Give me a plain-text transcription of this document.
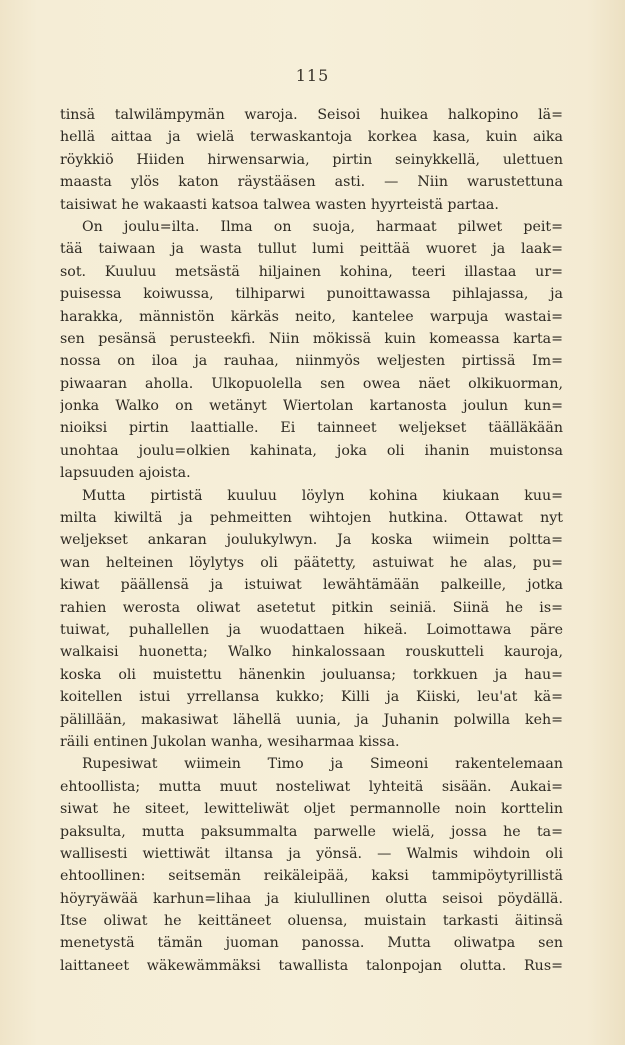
115
tinsä talwilämpymän waroja. Seisoi huikea halkopino lä=
hellä aittaa ja wielä terwaskantoja korkea kasa, kuin aika
röykkiö Hiiden hirwensarwia, pirtin seinykkellä, ulettuen
maasta ylös katon räystääsen asti. — Niin warustettuna
taisiwat he wakaasti katsoa talwea wasten hyyrteistä partaa.
On joulu=ilta. Ilma on suoja, harmaat pilwet peit=
tää taiwaan ja wasta tullut lumi peittää wuoret ja laak=
sot. Kuuluu metsästä hiljainen kohina, teeri illastaa ur=
puisessa koiwussa, tilhiparwi punoittawassa pihlajassa, ja
harakka, männistön kärkäs neito, kantelee warpuja wastai=
sen pesänsä perusteekfi. Niin mökissä kuin komeassa karta=
nossa on iloa ja rauhaa, niinmyös weljesten pirtissä Im=
piwaaran aholla. Ulkopuolella sen owea näet olkikuorman,
jonka Walko on wetänyt Wiertolan kartanosta joulun kun=
nioiksi pirtin laattialle. Ei tainneet weljekset täälläkään
unohtaa joulu=olkien kahinata, joka oli ihanin muistonsa
lapsuuden ajoista.
Mutta pirtistä kuuluu löylyn kohina kiukaan kuu=
milta kiwiltä ja pehmeitten wihtojen hutkina. Ottawat nyt
weljekset ankaran joulukylwyn. Ja koska wiimein poltta=
wan helteinen löylytys oli päätetty, astuiwat he alas, pu=
kiwat päällensä ja istuiwat lewähtämään palkeille, jotka
rahien werosta oliwat asetetut pitkin seiniä. Siinä he is=
tuiwat, puhallellen ja wuodattaen hikeä. Loimottawa päre
walkaisi huonetta; Walko hinkalossaan rouskutteli kauroja,
koska oli muistettu hänenkin jouluansa; torkkuen ja hau=
koitellen istui yrrellansa kukko; Killi ja Kiiski, leu'at kä=
pälillään, makasiwat lähellä uunia, ja Juhanin polwilla keh=
räili entinen Jukolan wanha, wesiharmaa kissa.
Rupesiwat wiimein Timo ja Simeoni rakentelemaan
ehtoollista; mutta muut nosteliwat lyhteitä sisään. Aukai=
siwat he siteet, lewitteliwät oljet permannolle noin korttelin
paksulta, mutta paksummalta parwelle wielä, jossa he ta=
wallisesti wiettiwät iltansa ja yönsä. — Walmis wihdoin oli
ehtoollinen: seitsemän reikäleipää, kaksi tammipöytyrillistä
höyryäwää karhun=lihaa ja kiulullinen olutta seisoi pöydällä.
Itse oliwat he keittäneet oluensa, muistain tarkasti äitinsä
menetystä tämän juoman panossa. Mutta oliwatpa sen
laittaneet wäkewämmäksi tawallista talonpojan olutta. Rus=
